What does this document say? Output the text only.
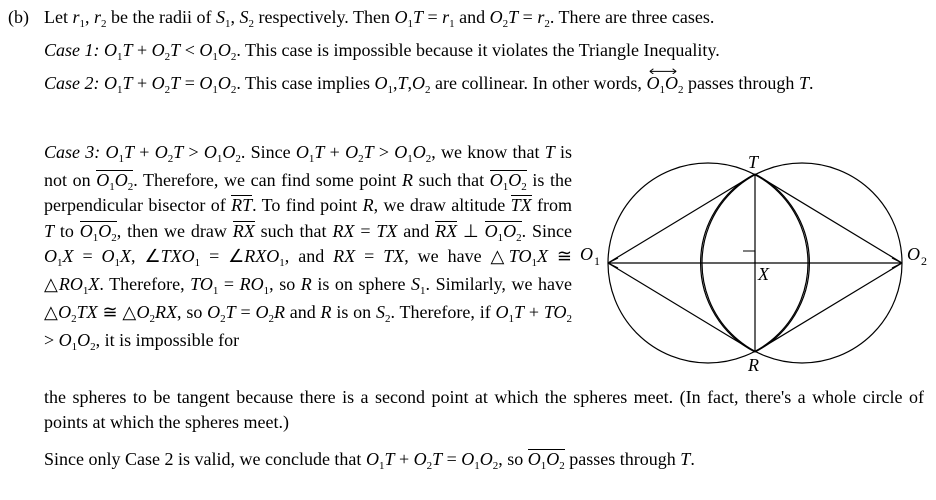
(b) Let $r_1$, $r_2$ be the radii of $S_1$, $S_2$ respectively. Then $O_1T = r_1$ and $O_2T = r_2$. There are three cases.
Case 1: $O_1T + O_2T < O_1O_2$. This case is impossible because it violates the Triangle Inequality.
Case 2: $O_1T + O_2T = O_1O_2$. This case implies $O_1,T,O_2$ are collinear. In other words,
$O_1O_2$ passes through T.
Case 3: $O_1T + O_2T > O_1O_2$. Since $O_1T + O_2T > O_1O_2$, we know that T is not on $O_1O_2$. Therefore, we can find some point R such that $O_1O_2$ is the perpendicular bisector of RT. To find point R, we draw altitude TX from T to $O_1O_2$, then we draw RX such that RX = TX and RX ⊥ $O_1O_2$. Since $O_1X = O_1X$, $\angle TXO_1$ = $\angle RXO_1$, and RX = TX, we have $\triangle TO_1X$ ≅ $\triangle RO_1X$. Therefore, $TO_1 = RO_1$, so R is on sphere $S_1$. Similarly, we have $\triangle O_2TX$ ≅ $\triangle O_2RX$, so $O_2T = O_2R$ and R is on $S_2$. Therefore, if $O_1T + TO_2 > O_1O_2$, it is impossible for
T
O 1	O 2
X
R
the spheres to be tangent because there is a second point at which the spheres meet. (In fact, there's a whole circle of points at which the spheres meet.)
Since only Case 2 is valid, we conclude that $O_1T + O_2T = O_1O_2$, so $O_1O_2$ passes through T.
